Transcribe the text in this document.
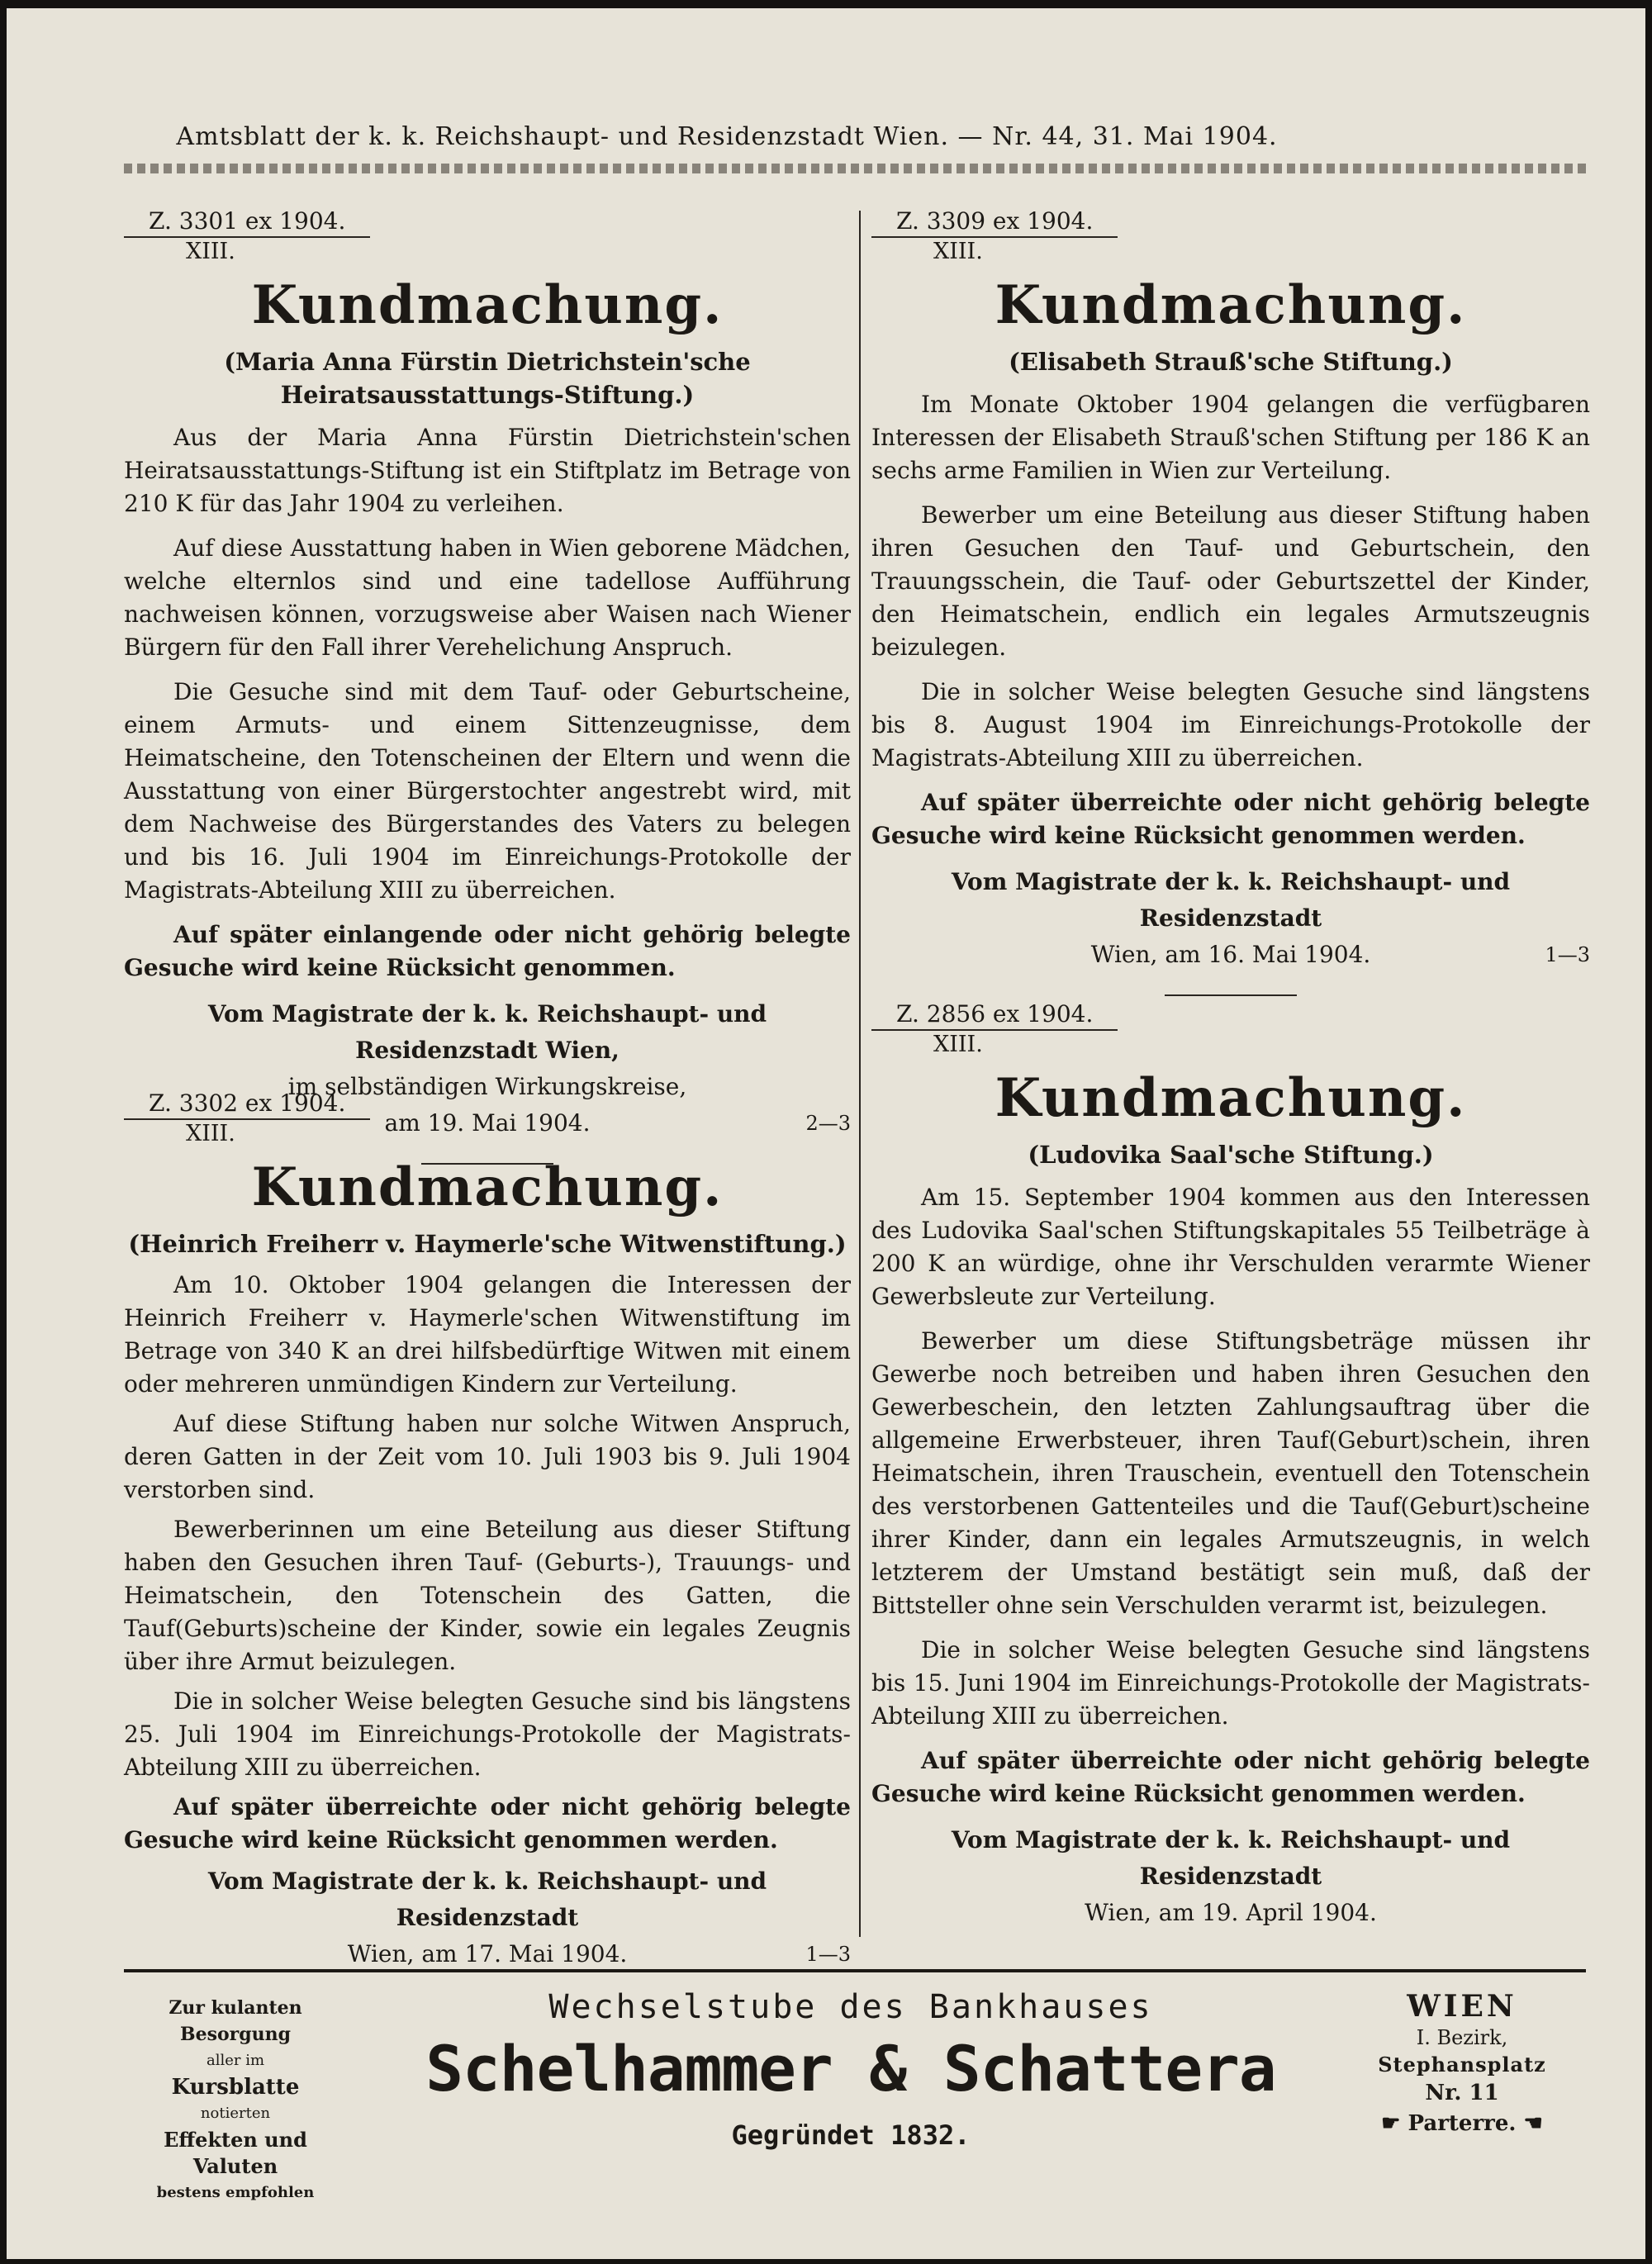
Amtsblatt der k. k. Reichshaupt- und Residenzstadt Wien. — Nr. 44, 31. Mai 1904.
Z. 3301 ex 1904.
XIII.
Kundmachung.
(Maria Anna Fürstin Dietrichstein'sche Heiratsausstattungs-Stiftung.)

Aus der Maria Anna Fürstin Dietrichstein'schen Heiratsausstattungs-Stiftung ist ein Stiftplatz im Betrage von 210 K für das Jahr 1904 zu verleihen.

Auf diese Ausstattung haben in Wien geborene Mädchen, welche elternlos sind und eine tadellose Aufführung nachweisen können, vorzugsweise aber Waisen nach Wiener Bürgern für den Fall ihrer Verehelichung Anspruch.

Die Gesuche sind mit dem Tauf- oder Geburtscheine, einem Armuts- und einem Sittenzeugnisse, dem Heimatscheine, den Totenscheinen der Eltern und wenn die Ausstattung von einer Bürgerstochter angestrebt wird, mit dem Nachweise des Bürgerstandes des Vaters zu belegen und bis 16. Juli 1904 im Einreichungs-Protokolle der Magistrats-Abteilung XIII zu überreichen.

Auf später einlangende oder nicht gehörig belegte Gesuche wird keine Rücksicht genommen.

Vom Magistrate der k. k. Reichshaupt- und Residenzstadt Wien,
im selbständigen Wirkungskreise,
am 19. Mai 1904.	2—3
Z. 3302 ex 1904.
XIII.
Kundmachung.
(Heinrich Freiherr v. Haymerle'sche Witwenstiftung.)

Am 10. Oktober 1904 gelangen die Interessen der Heinrich Freiherr v. Haymerle'schen Witwenstiftung im Betrage von 340 K an drei hilfsbedürftige Witwen mit einem oder mehreren unmündigen Kindern zur Verteilung.

Auf diese Stiftung haben nur solche Witwen Anspruch, deren Gatten in der Zeit vom 10. Juli 1903 bis 9. Juli 1904 verstorben sind.

Bewerberinnen um eine Beteilung aus dieser Stiftung haben den Gesuchen ihren Tauf- (Geburts-), Trauungs- und Heimatschein, den Totenschein des Gatten, die Tauf(Geburts)scheine der Kinder, sowie ein legales Zeugnis über ihre Armut beizulegen.

Die in solcher Weise belegten Gesuche sind bis längstens 25. Juli 1904 im Einreichungs-Protokolle der Magistrats-Abteilung XIII zu überreichen.

Auf später überreichte oder nicht gehörig belegte Gesuche wird keine Rücksicht genommen werden.

Vom Magistrate der k. k. Reichshaupt- und Residenzstadt
Wien, am 17. Mai 1904.	1—3
Z. 3309 ex 1904.
XIII.
Kundmachung.
(Elisabeth Strauß'sche Stiftung.)

Im Monate Oktober 1904 gelangen die verfügbaren Interessen der Elisabeth Strauß'schen Stiftung per 186 K an sechs arme Familien in Wien zur Verteilung.

Bewerber um eine Beteilung aus dieser Stiftung haben ihren Gesuchen den Tauf- und Geburtschein, den Trauungsschein, die Tauf- oder Geburtszettel der Kinder, den Heimatschein, endlich ein legales Armutszeugnis beizulegen.

Die in solcher Weise belegten Gesuche sind längstens bis 8. August 1904 im Einreichungs-Protokolle der Magistrats-Abteilung XIII zu überreichen.

Auf später überreichte oder nicht gehörig belegte Gesuche wird keine Rücksicht genommen werden.

Vom Magistrate der k. k. Reichshaupt- und Residenzstadt
Wien, am 16. Mai 1904.	1—3
Z. 2856 ex 1904.
XIII.
Kundmachung.
(Ludovika Saal'sche Stiftung.)

Am 15. September 1904 kommen aus den Interessen des Ludovika Saal'schen Stiftungskapitales 55 Teilbeträge à 200 K an würdige, ohne ihr Verschulden verarmte Wiener Gewerbsleute zur Verteilung.

Bewerber um diese Stiftungsbeträge müssen ihr Gewerbe noch betreiben und haben ihren Gesuchen den Gewerbeschein, den letzten Zahlungsauftrag über die allgemeine Erwerbsteuer, ihren Tauf(Geburt)schein, ihren Heimatschein, ihren Trauschein, eventuell den Totenschein des verstorbenen Gattenteiles und die Tauf(Geburt)scheine ihrer Kinder, dann ein legales Armutszeugnis, in welch letzterem der Umstand bestätigt sein muß, daß der Bittsteller ohne sein Verschulden verarmt ist, beizulegen.

Die in solcher Weise belegten Gesuche sind längstens bis 15. Juni 1904 im Einreichungs-Protokolle der Magistrats-Abteilung XIII zu überreichen.

Auf später überreichte oder nicht gehörig belegte Gesuche wird keine Rücksicht genommen werden.

Vom Magistrate der k. k. Reichshaupt- und Residenzstadt
Wien, am 19. April 1904.
Zur kulanten Besorgung
aller im
Kursblatte
notierten
Effekten und Valuten
bestens empfohlen
Wechselstube des Bankhauses
Schelhammer & Schattera
Gegründet 1832.
WIEN
I. Bezirk,
Stephansplatz
Nr. 11
☛ Parterre. ☚
